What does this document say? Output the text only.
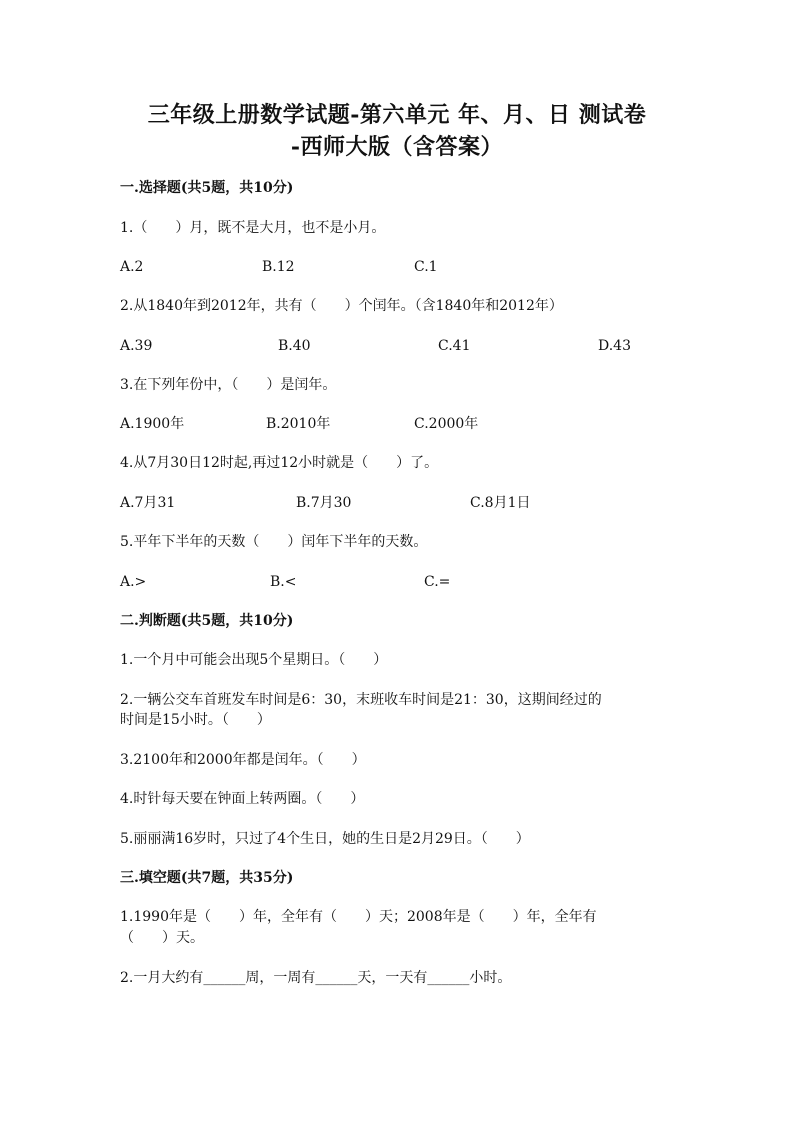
三年级上册数学试题-第六单元 年、月、日 测试卷
-西师大版（含答案）
一.选择题(共5题，共10分)
1.（　　）月，既不是大月，也不是小月。
A.2	B.12	C.1
2.从1840年到2012年，共有（　　）个闰年。（含1840年和2012年）
A.39	B.40	C.41	D.43
3.在下列年份中，（　　）是闰年。
A.1900年	B.2010年	C.2000年
4.从7月30日12时起,再过12小时就是（　　）了。
A.7月31	B.7月30	C.8月1日
5.平年下半年的天数（　　）闰年下半年的天数。
A.>	B.<	C.=
二.判断题(共5题，共10分)
1.一个月中可能会出现5个星期日。（　　）
2.一辆公交车首班发车时间是6：30，末班收车时间是21：30，这期间经过的
时间是15小时。（　　）
3.2100年和2000年都是闰年。（　　）
4.时针每天要在钟面上转两圈。（　　）
5.丽丽满16岁时，只过了4个生日，她的生日是2月29日。（　　）
三.填空题(共7题，共35分)
1.1990年是（　　）年，全年有（　　）天；2008年是（　　）年，全年有
（　　）天。
2.一月大约有______周，一周有______天，一天有______小时。
